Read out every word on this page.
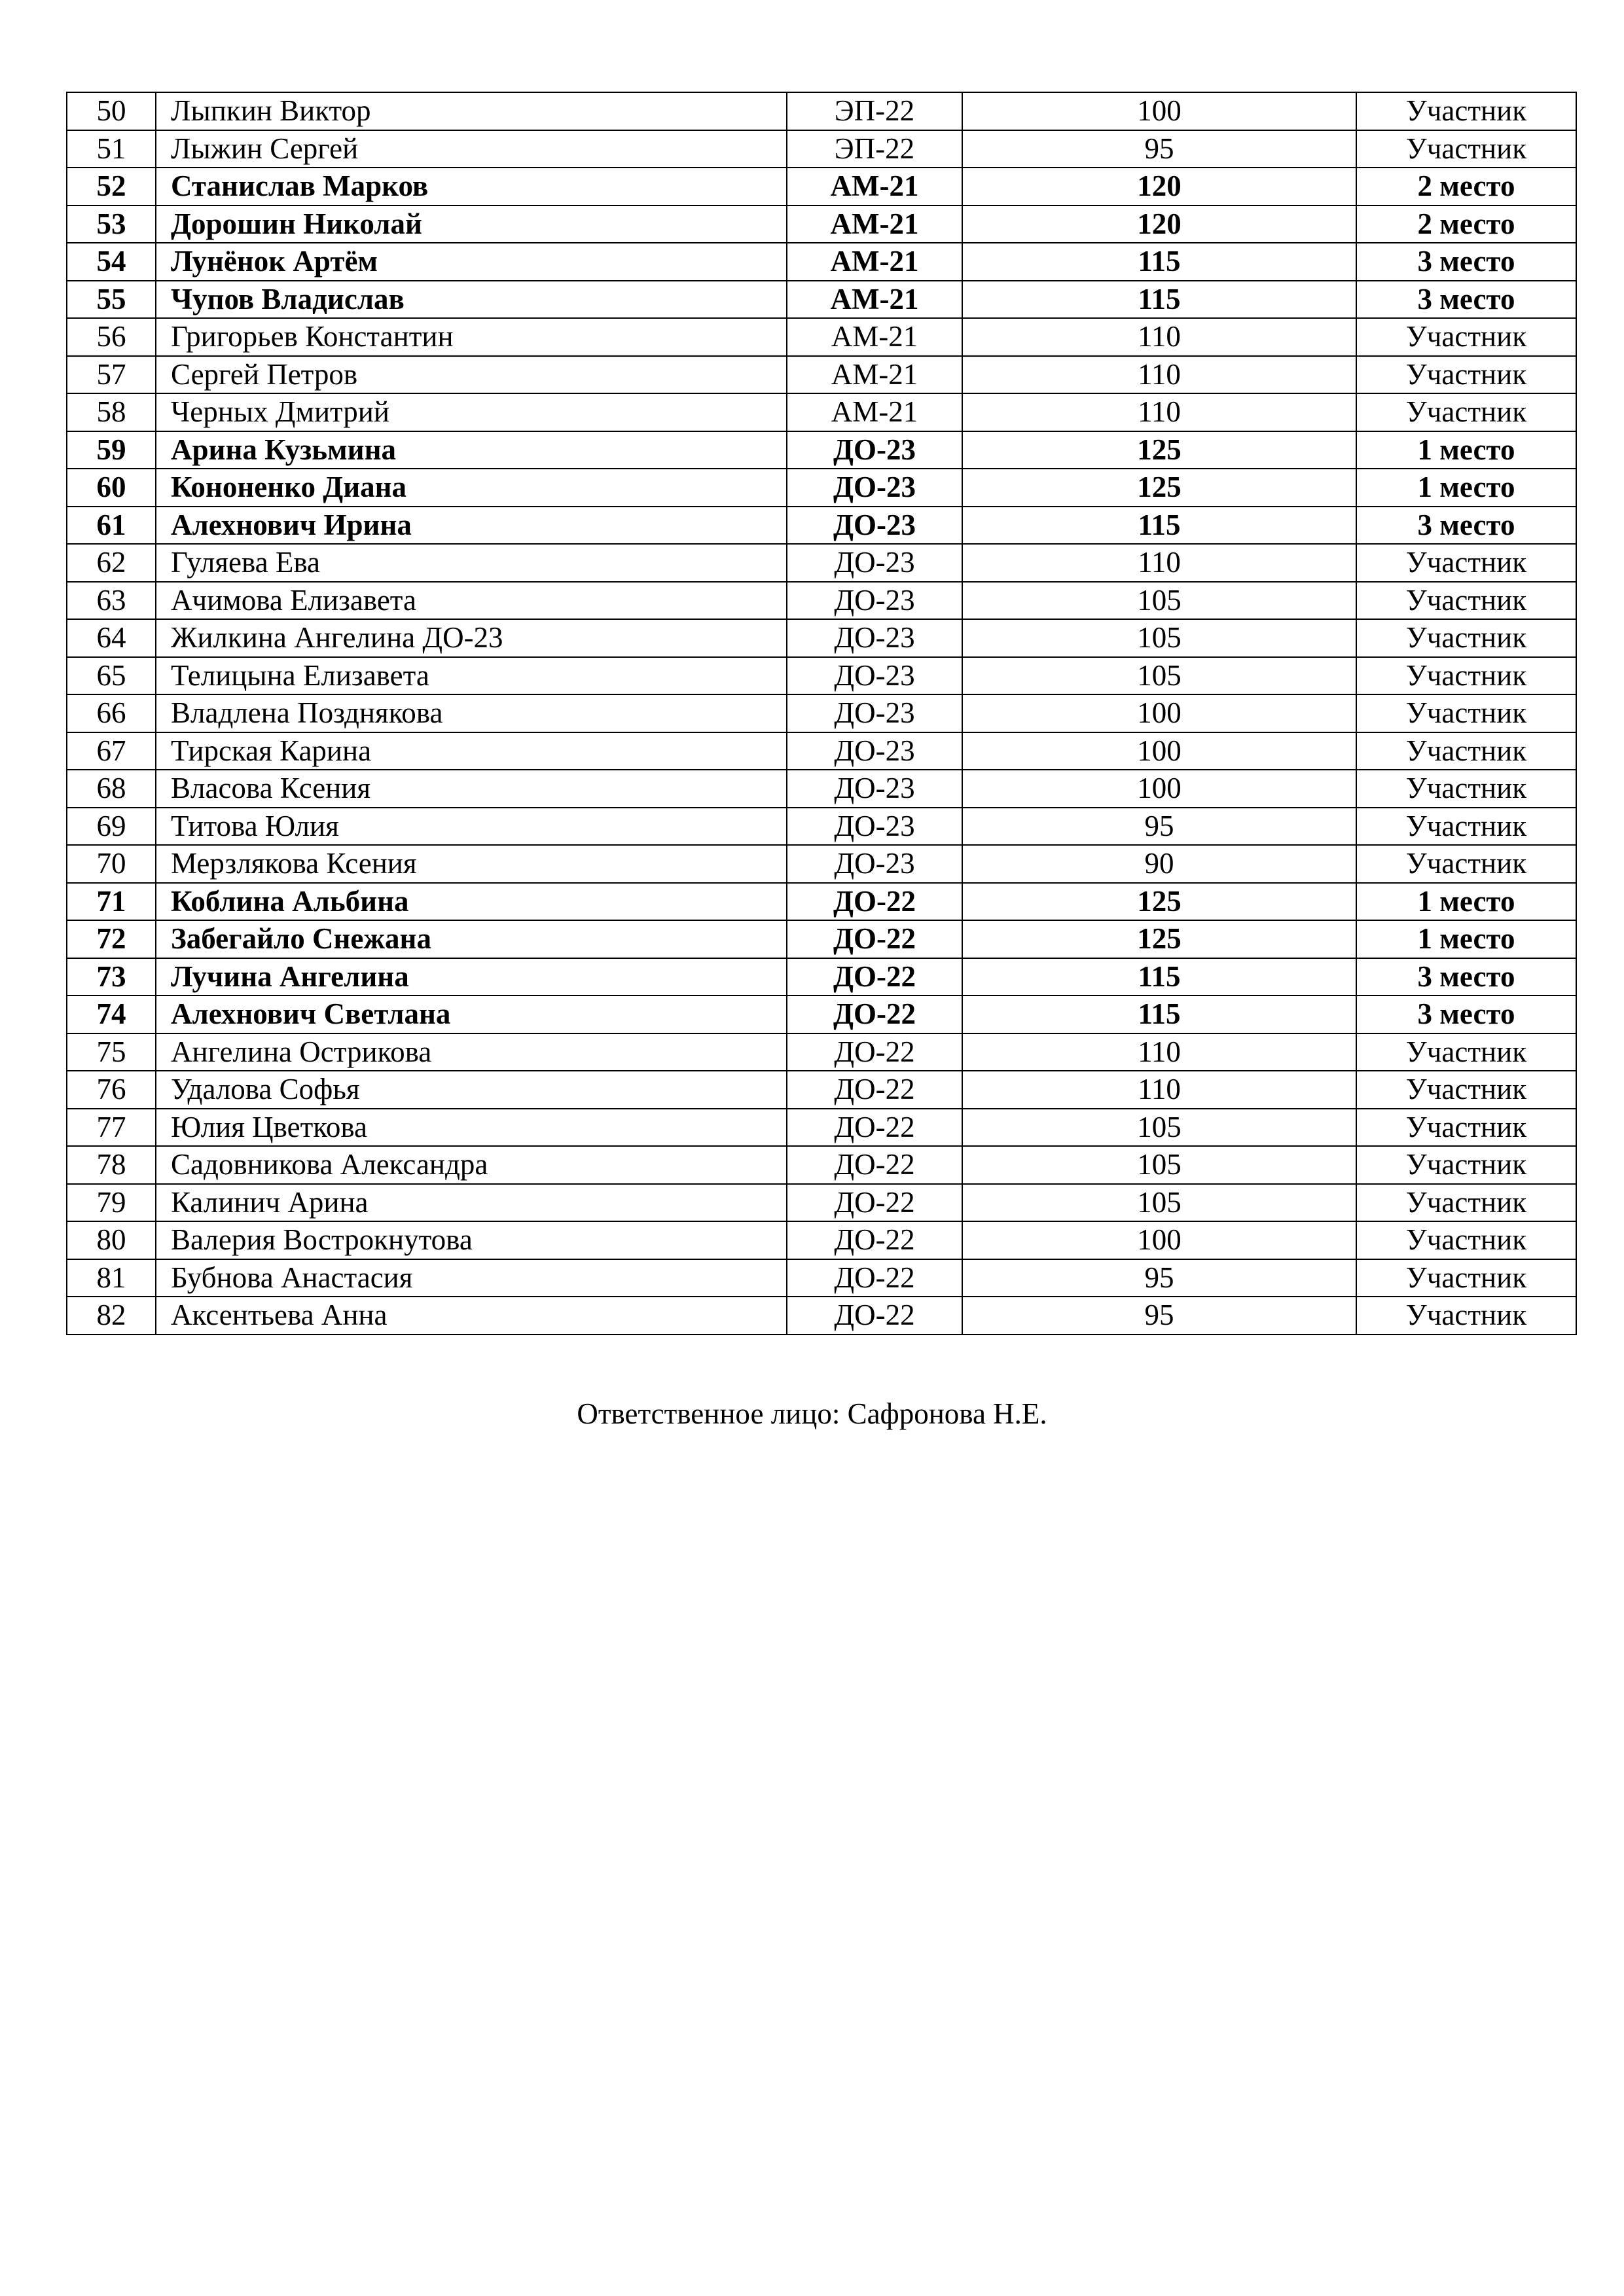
50	Лыпкин Виктор	ЭП-22	100	Участник
51	Лыжин Сергей	ЭП-22	95	Участник
52	Станислав Марков	АМ-21	120	2 место
53	Дорошин Николай	АМ-21	120	2 место
54	Лунёнок Артём	АМ-21	115	3 место
55	Чупов Владислав	АМ-21	115	3 место
56	Григорьев Константин	АМ-21	110	Участник
57	Сергей Петров	АМ-21	110	Участник
58	Черных Дмитрий	АМ-21	110	Участник
59	Арина Кузьмина	ДО-23	125	1 место
60	Кононенко Диана	ДО-23	125	1 место
61	Алехнович Ирина	ДО-23	115	3 место
62	Гуляева Ева	ДО-23	110	Участник
63	Ачимова Елизавета	ДО-23	105	Участник
64	Жилкина Ангелина ДО-23	ДО-23	105	Участник
65	Телицына Елизавета	ДО-23	105	Участник
66	Владлена Позднякова	ДО-23	100	Участник
67	Тирская Карина	ДО-23	100	Участник
68	Власова Ксения	ДО-23	100	Участник
69	Титова Юлия	ДО-23	95	Участник
70	Мерзлякова Ксения	ДО-23	90	Участник
71	Коблина Альбина	ДО-22	125	1 место
72	Забегайло Снежана	ДО-22	125	1 место
73	Лучина Ангелина	ДО-22	115	3 место
74	Алехнович Светлана	ДО-22	115	3 место
75	Ангелина Острикова	ДО-22	110	Участник
76	Удалова Софья	ДО-22	110	Участник
77	Юлия Цветкова	ДО-22	105	Участник
78	Садовникова Александра	ДО-22	105	Участник
79	Калинич Арина	ДО-22	105	Участник
80	Валерия Вострокнутова	ДО-22	100	Участник
81	Бубнова Анастасия	ДО-22	95	Участник
82	Аксентьева Анна	ДО-22	95	Участник
Ответственное лицо: Сафронова Н.Е.
